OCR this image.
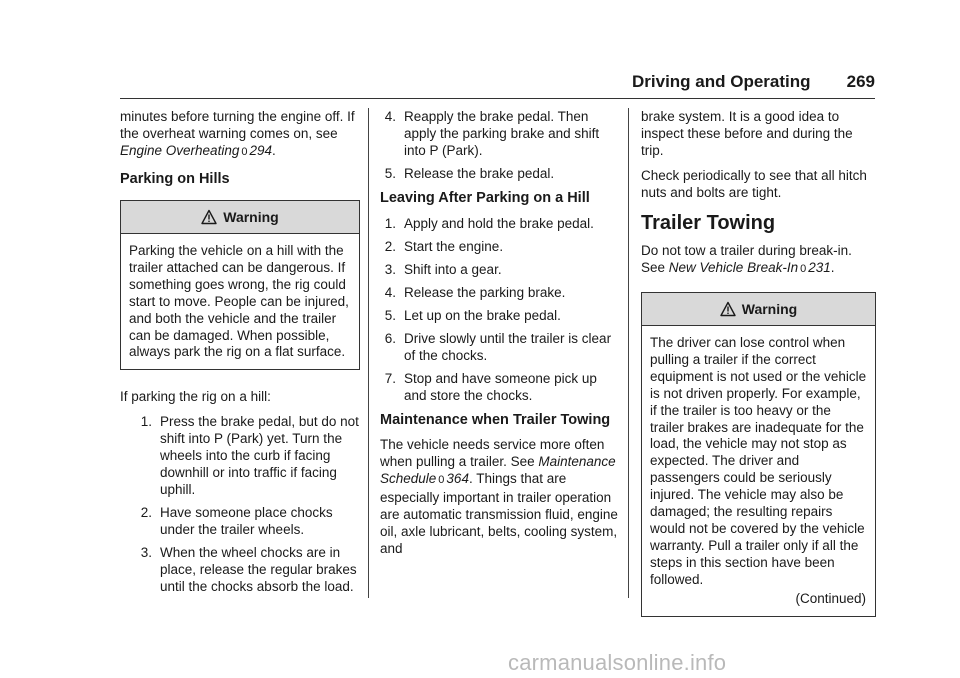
Driving and Operating 269

minutes before turning the engine off. If the overheat warning comes on, see Engine Overheating 0 294.

Parking on Hills
Warning
Parking the vehicle on a hill with the trailer attached can be dangerous. If something goes wrong, the rig could start to move. People can be injured, and both the vehicle and the trailer can be damaged. When possible, always park the rig on a flat surface.

If parking the rig on a hill:

1. Press the brake pedal, but do not shift into P (Park) yet. Turn the wheels into the curb if facing downhill or into traffic if facing uphill.
2. Have someone place chocks under the trailer wheels.
3. When the wheel chocks are in place, release the regular brakes until the chocks absorb the load.
4. Reapply the brake pedal. Then apply the parking brake and shift into P (Park).
5. Release the brake pedal.
Leaving After Parking on a Hill
1. Apply and hold the brake pedal.
2. Start the engine.
3. Shift into a gear.
4. Release the parking brake.
5. Let up on the brake pedal.
6. Drive slowly until the trailer is clear of the chocks.
7. Stop and have someone pick up and store the chocks.
Maintenance when Trailer Towing

The vehicle needs service more often when pulling a trailer. See Maintenance Schedule 0 364. Things that are especially important in trailer operation are automatic transmission fluid, engine oil, axle lubricant, belts, cooling system, and

brake system. It is a good idea to inspect these before and during the trip.

Check periodically to see that all hitch nuts and bolts are tight.

Trailer Towing

Do not tow a trailer during break-in. See New Vehicle Break-In 0 231.

Warning
The driver can lose control when pulling a trailer if the correct equipment is not used or the vehicle is not driven properly. For example, if the trailer is too heavy or the trailer brakes are inadequate for the load, the vehicle may not stop as expected. The driver and passengers could be seriously injured. The vehicle may also be damaged; the resulting repairs would not be covered by the vehicle warranty. Pull a trailer only if all the steps in this section have been followed.
(Continued)
carmanualsonline.info
